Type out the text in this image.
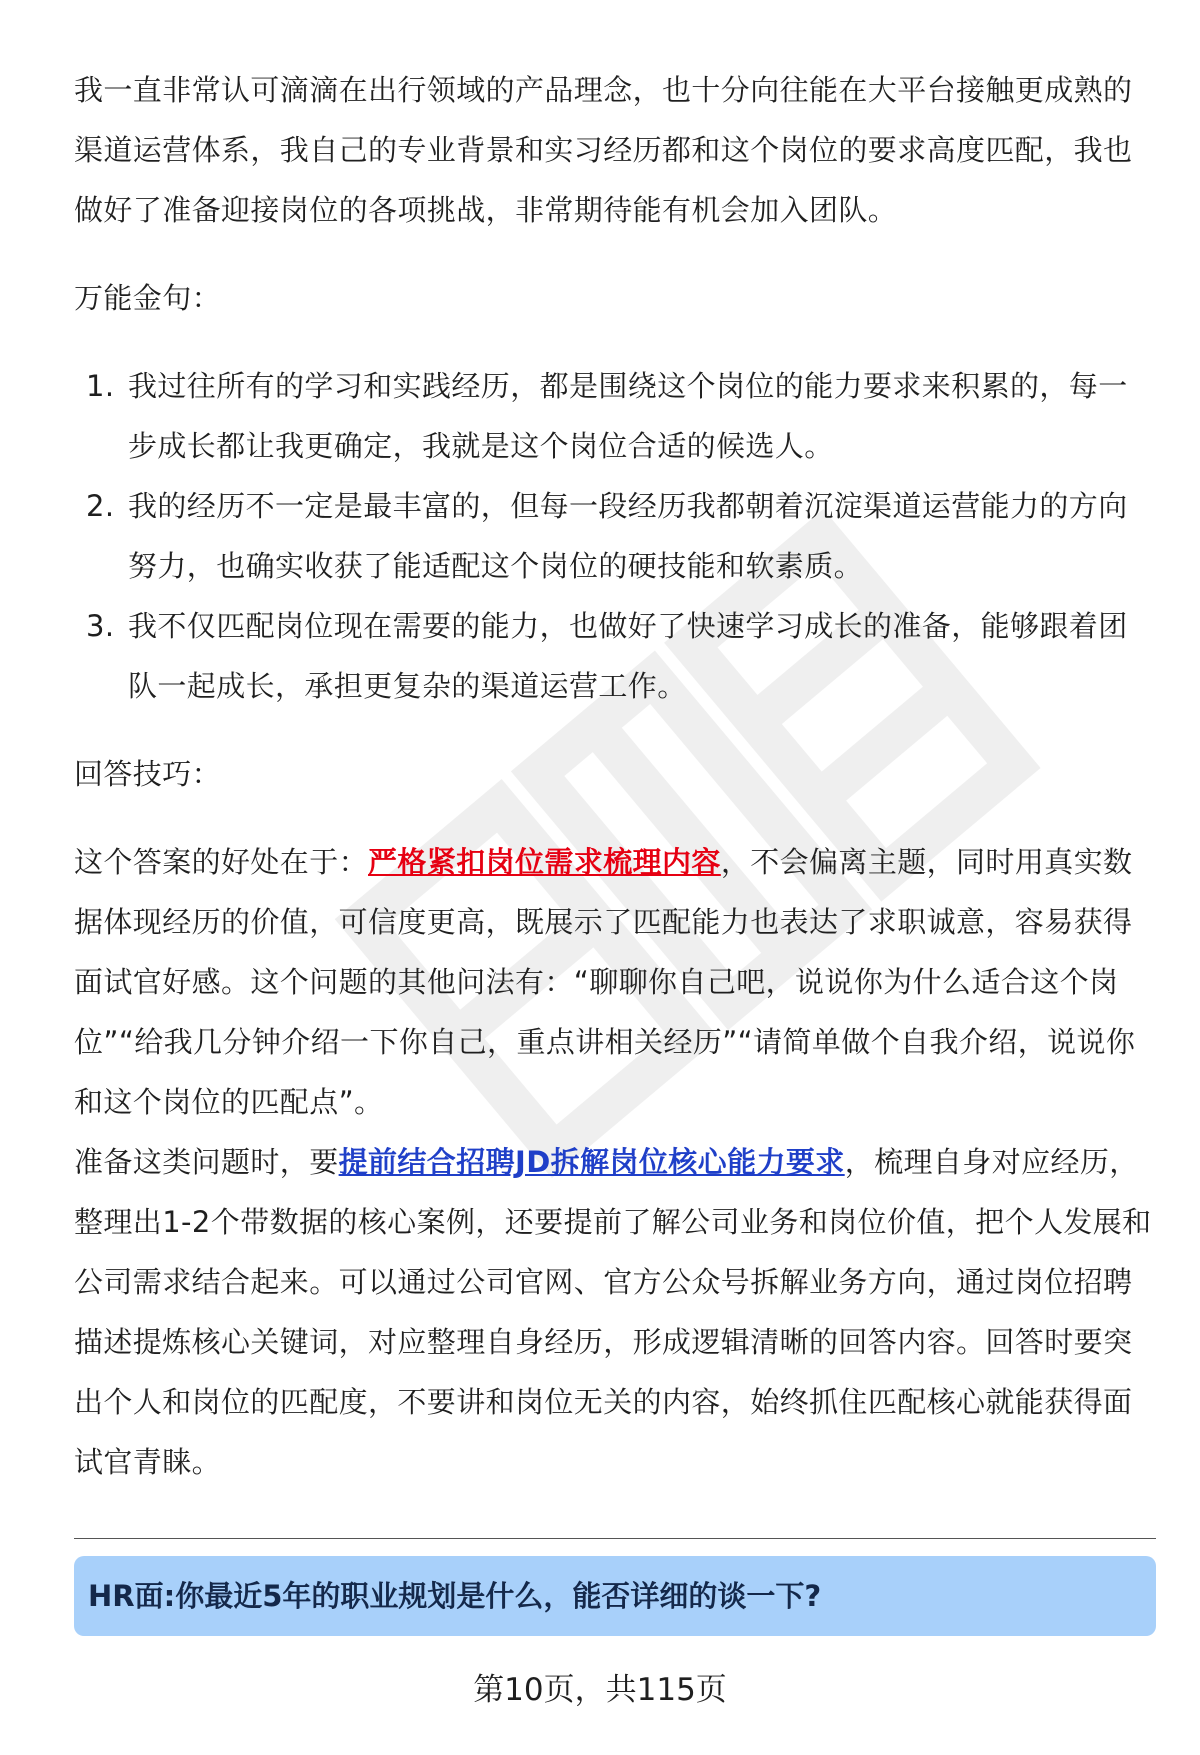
我一直非常认可滴滴在出行领域的产品理念，也十分向往能在大平台接触更成熟的渠道运营体系，我自己的专业背景和实习经历都和这个岗位的要求高度匹配，我也做好了准备迎接岗位的各项挑战，非常期待能有机会加入团队。

万能金句：

1. 我过往所有的学习和实践经历，都是围绕这个岗位的能力要求来积累的，每一步成长都让我更确定，我就是这个岗位合适的候选人。
2. 我的经历不一定是最丰富的，但每一段经历我都朝着沉淀渠道运营能力的方向努力，也确实收获了能适配这个岗位的硬技能和软素质。
3. 我不仅匹配岗位现在需要的能力，也做好了快速学习成长的准备，能够跟着团队一起成长，承担更复杂的渠道运营工作。

回答技巧：

这个答案的好处在于：严格紧扣岗位需求梳理内容，不会偏离主题，同时用真实数据体现经历的价值，可信度更高，既展示了匹配能力也表达了求职诚意，容易获得面试官好感。这个问题的其他问法有：“聊聊你自己吧，说说你为什么适合这个岗位”“给我几分钟介绍一下你自己，重点讲相关经历”“请简单做个自我介绍，说说你和这个岗位的匹配点”。

准备这类问题时，要提前结合招聘JD拆解岗位核心能力要求，梳理自身对应经历，整理出1-2个带数据的核心案例，还要提前了解公司业务和岗位价值，把个人发展和公司需求结合起来。可以通过公司官网、官方公众号拆解业务方向，通过岗位招聘描述提炼核心关键词，对应整理自身经历，形成逻辑清晰的回答内容。回答时要突出个人和岗位的匹配度，不要讲和岗位无关的内容，始终抓住匹配核心就能获得面试官青睐。

HR面:你最近5年的职业规划是什么，能否详细的谈一下?
第10页，共115页
